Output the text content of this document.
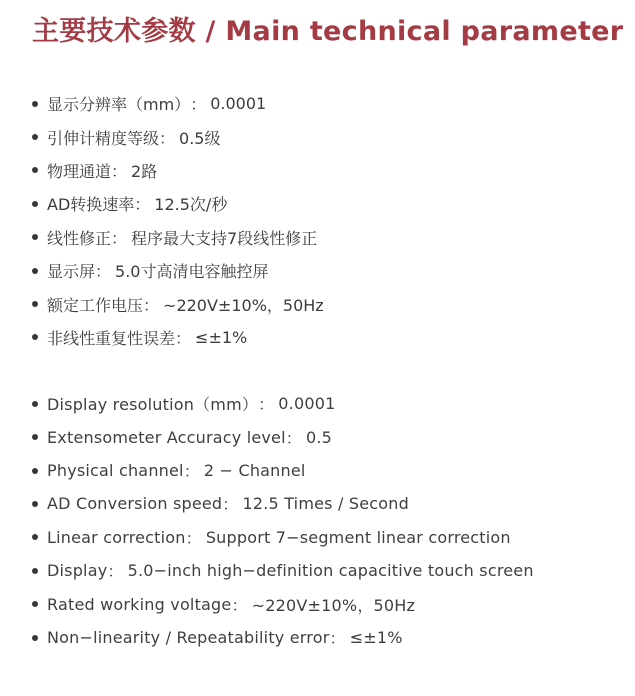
主要技术参数 / Main technical parameter
显示分辨率（mm） ： 0.0001
引伸计精度等级 ： 0.5级
物理通道 ： 2路
AD转换速率 ： 12.5次/秒
线性修正 ： 程序最大支持7段线性修正
显示屏 ： 5.0寸高清电容触控屏
额定工作电压 ： ~220V±10%，50Hz
非线性重复性误差 ： ≤±1%
Display resolution（mm） ： 0.0001
Extensometer Accuracy level ： 0.5
Physical channel ： 2 − Channel
AD Conversion speed ： 12.5 Times / Second
Linear correction ： Support 7−segment linear correction
Display ： 5.0−inch high−definition capacitive touch screen
Rated working voltage ： ~220V±10%，50Hz
Non−linearity / Repeatability error ： ≤±1%
